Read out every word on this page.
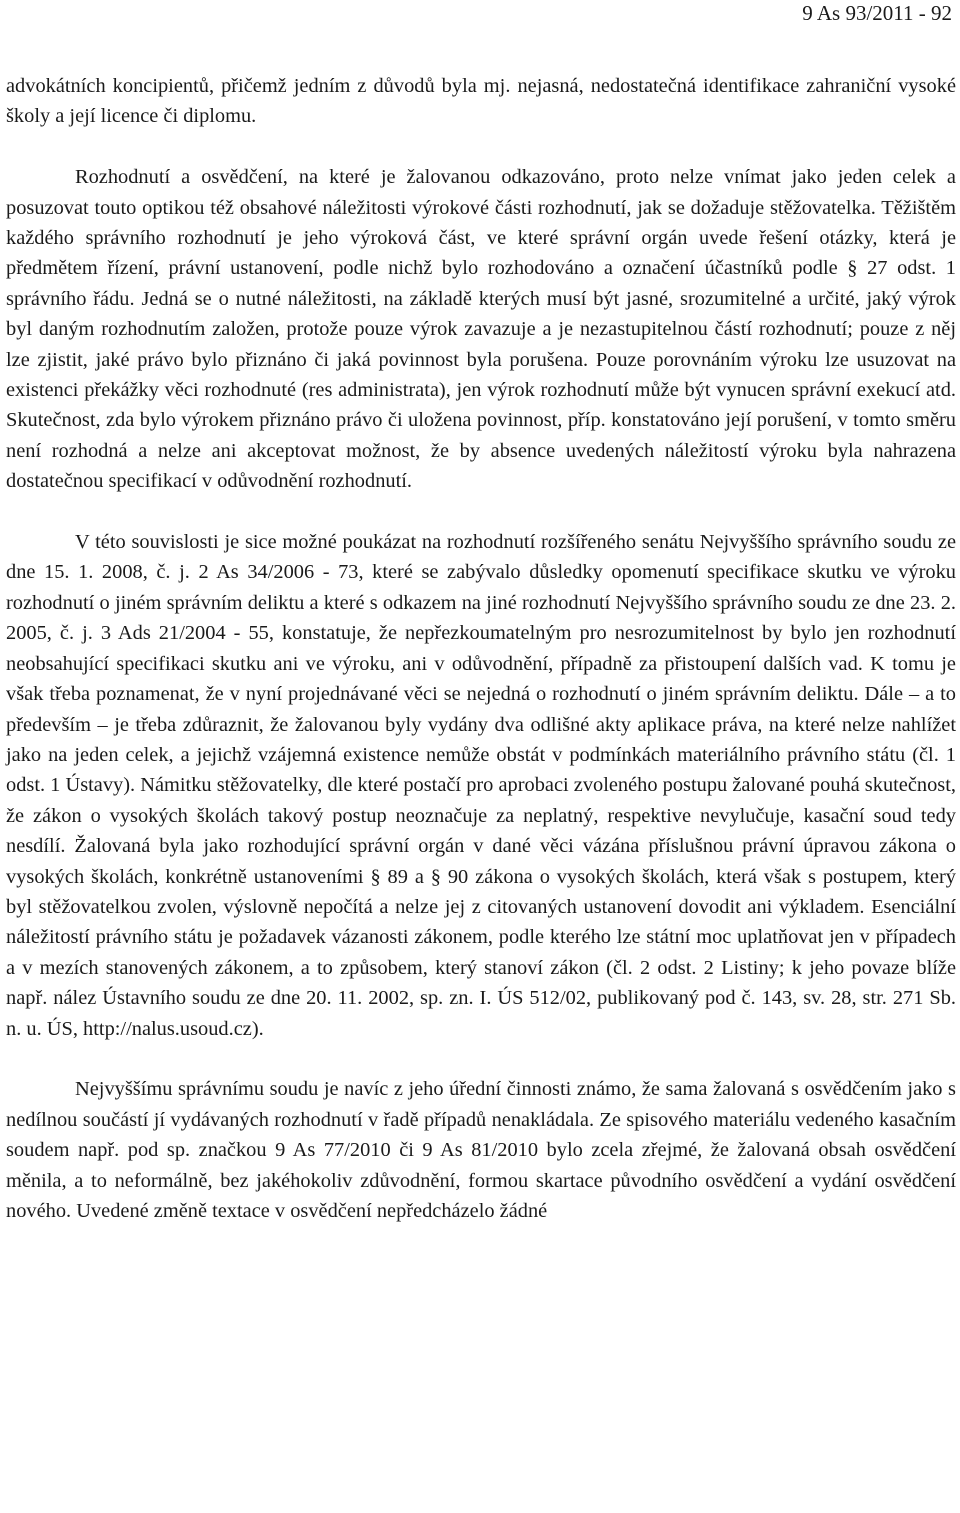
9 As 93/2011 - 92

advokátních koncipientů, přičemž jedním z důvodů byla mj. nejasná, nedostatečná identifikace zahraniční vysoké školy a její licence či diplomu.

Rozhodnutí a osvědčení, na které je žalovanou odkazováno, proto nelze vnímat jako jeden celek a posuzovat touto optikou též obsahové náležitosti výrokové části rozhodnutí, jak se dožaduje stěžovatelka. Těžištěm každého správního rozhodnutí je jeho výroková část, ve které správní orgán uvede řešení otázky, která je předmětem řízení, právní ustanovení, podle nichž bylo rozhodováno a označení účastníků podle § 27 odst. 1 správního řádu. Jedná se o nutné náležitosti, na základě kterých musí být jasné, srozumitelné a určité, jaký výrok byl daným rozhodnutím založen, protože pouze výrok zavazuje a je nezastupitelnou částí rozhodnutí; pouze z něj lze zjistit, jaké právo bylo přiznáno či jaká povinnost byla porušena. Pouze porovnáním výroku lze usuzovat na existenci překážky věci rozhodnuté (res administrata), jen výrok rozhodnutí může být vynucen správní exekucí atd. Skutečnost, zda bylo výrokem přiznáno právo či uložena povinnost, příp. konstatováno její porušení, v tomto směru není rozhodná a nelze ani akceptovat možnost, že by absence uvedených náležitostí výroku byla nahrazena dostatečnou specifikací v odůvodnění rozhodnutí.

V této souvislosti je sice možné poukázat na rozhodnutí rozšířeného senátu Nejvyššího správního soudu ze dne 15. 1. 2008, č. j. 2 As 34/2006 - 73, které se zabývalo důsledky opomenutí specifikace skutku ve výroku rozhodnutí o jiném správním deliktu a které s odkazem na jiné rozhodnutí Nejvyššího správního soudu ze dne 23. 2. 2005, č. j. 3 Ads 21/2004 - 55, konstatuje, že nepřezkoumatelným pro nesrozumitelnost by bylo jen rozhodnutí neobsahující specifikaci skutku ani ve výroku, ani v odůvodnění, případně za přistoupení dalších vad. K tomu je však třeba poznamenat, že v nyní projednávané věci se nejedná o rozhodnutí o jiném správním deliktu. Dále – a to především – je třeba zdůraznit, že žalovanou byly vydány dva odlišné akty aplikace práva, na které nelze nahlížet jako na jeden celek, a jejichž vzájemná existence nemůže obstát v podmínkách materiálního právního státu (čl. 1 odst. 1 Ústavy). Námitku stěžovatelky, dle které postačí pro aprobaci zvoleného postupu žalované pouhá skutečnost, že zákon o vysokých školách takový postup neoznačuje za neplatný, respektive nevylučuje, kasační soud tedy nesdílí. Žalovaná byla jako rozhodující správní orgán v dané věci vázána příslušnou právní úpravou zákona o vysokých školách, konkrétně ustanoveními § 89 a § 90 zákona o vysokých školách, která však s postupem, který byl stěžovatelkou zvolen, výslovně nepočítá a nelze jej z citovaných ustanovení dovodit ani výkladem. Esenciální náležitostí právního státu je požadavek vázanosti zákonem, podle kterého lze státní moc uplatňovat jen v případech a v mezích stanovených zákonem, a to způsobem, který stanoví zákon (čl. 2 odst. 2 Listiny; k jeho povaze blíže např. nález Ústavního soudu ze dne 20. 11. 2002, sp. zn. I. ÚS 512/02, publikovaný pod č. 143, sv. 28, str. 271 Sb. n. u. ÚS, http://nalus.usoud.cz).

Nejvyššímu správnímu soudu je navíc z jeho úřední činnosti známo, že sama žalovaná s osvědčením jako s nedílnou součástí jí vydávaných rozhodnutí v řadě případů nenakládala. Ze spisového materiálu vedeného kasačním soudem např. pod sp. značkou 9 As 77/2010 či 9 As 81/2010 bylo zcela zřejmé, že žalovaná obsah osvědčení měnila, a to neformálně, bez jakéhokoliv zdůvodnění, formou skartace původního osvědčení a vydání osvědčení nového. Uvedené změně textace v osvědčení nepředcházelo žádné
